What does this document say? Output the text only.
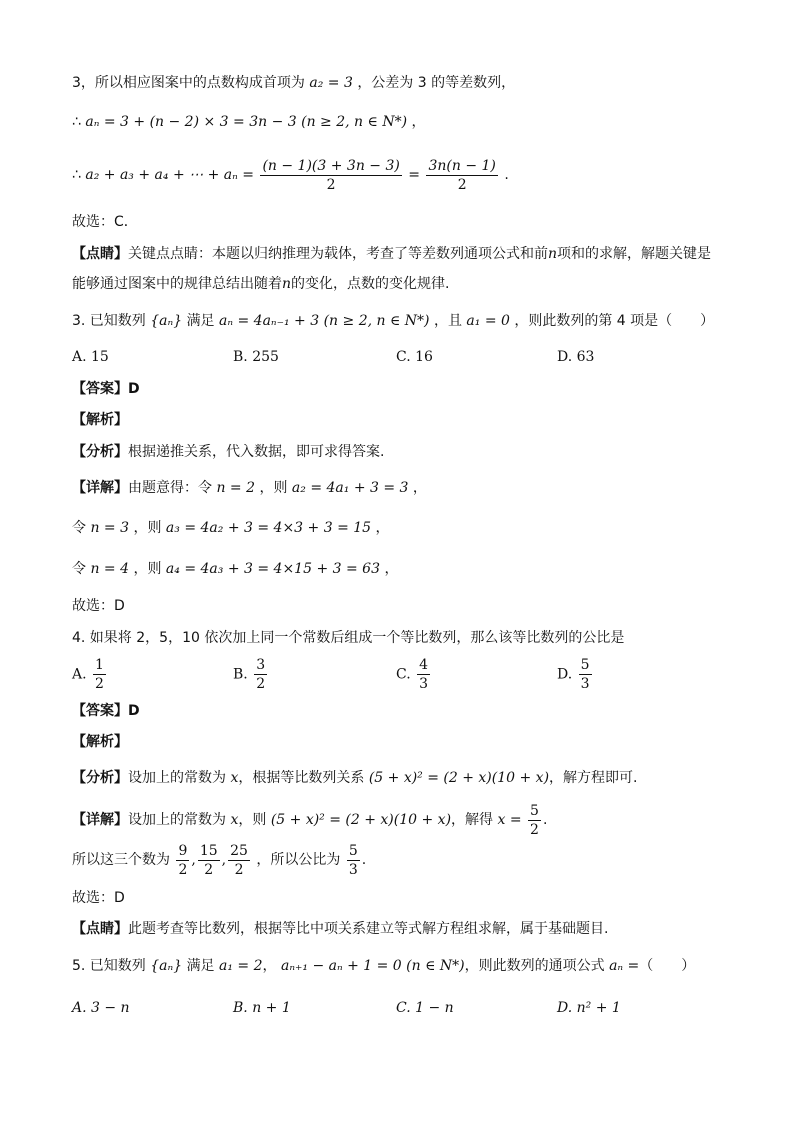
3，所以相应图案中的点数构成首项为 a₂ = 3 ，公差为 3 的等差数列，
∴ aₙ = 3 + (n − 2) × 3 = 3n − 3 (n ≥ 2, n ∈ N*) ，
∴ a₂ + a₃ + a₄ + ⋯ + $a_n = \frac{(n - 1)(3 + 3n - 3)}{2} = \frac{3n(n - 1)}{2}$ .
故选：C．
【点睛】关键点点睛：本题以归纳推理为载体，考查了等差数列通项公式和前n项和的求解，解题关键是
能够通过图案中的规律总结出随着n的变化，点数的变化规律.
3. 已知数列 {aₙ} 满足 aₙ = 4aₙ₋₁ + 3 (n ≥ 2, n ∈ N*) ，且 a₁ = 0 ，则此数列的第 4 项是（　　）
A. 15	B. 255	C. 16	D. 63
【答案】D
【解析】
【分析】根据递推关系，代入数据，即可求得答案.
【详解】由题意得：令 n = 2 ，则 a₂ = 4a₁ + 3 = 3 ，
令 n = 3 ，则 a₃ = 4a₂ + 3 = 4×3 + 3 = 15 ，
令 n = 4 ，则 a₄ = 4a₃ + 3 = 4×15 + 3 = 63 ，
故选：D
4. 如果将 2，5，10 依次加上同一个常数后组成一个等比数列，那么该等比数列的公比是
A. $\frac{1}{2}$	B. $\frac{3}{2}$	C. $\frac{4}{3}$	D. $\frac{5}{3}$
【答案】D
【解析】
【分析】设加上的常数为 x，根据等比数列关系 (5 + x)² = (2 + x)(10 + x)，解方程即可.
【详解】设加上的常数为 x，则 (5 + x)² = (2 + x)(10 + x)，解得 $x = \frac{5}{2}$ .
所以这三个数为 $\frac{9}{2}$ , $\frac{15}{2}$ , $\frac{25}{2}$ ，所以公比为 $\frac{5}{3}$ .
故选：D
【点睛】此题考查等比数列，根据等比中项关系建立等式解方程组求解，属于基础题目.
5. 已知数列 {aₙ} 满足 a₁ = 2， aₙ₊₁ − aₙ + 1 = 0 (n ∈ N*)，则此数列的通项公式 aₙ =（　　）
A. 3 − n	B. n + 1	C. 1 − n	D. n² + 1
